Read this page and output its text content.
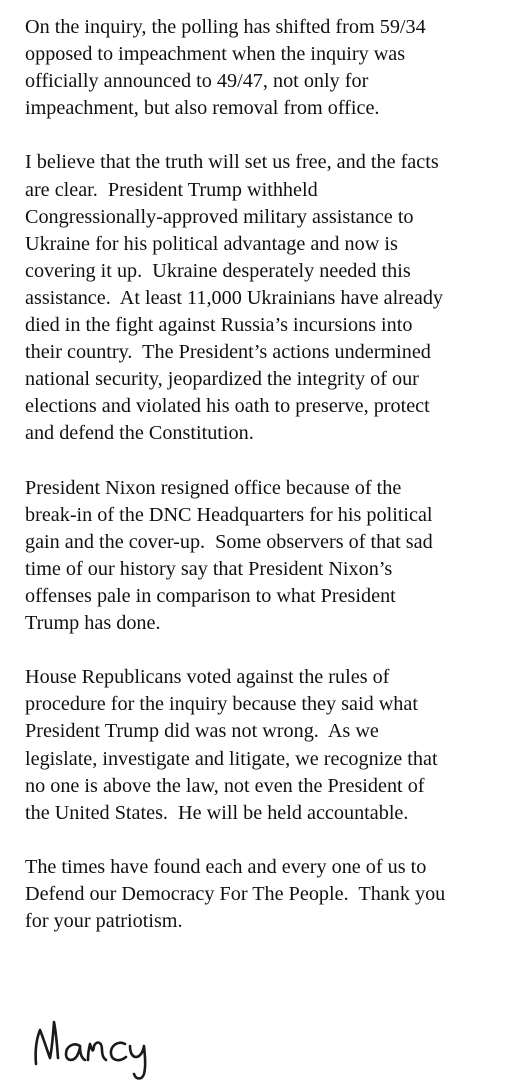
On the inquiry, the polling has shifted from 59/34
opposed to impeachment when the inquiry was
officially announced to 49/47, not only for
impeachment, but also removal from office.

I believe that the truth will set us free, and the facts
are clear.  President Trump withheld
Congressionally-approved military assistance to
Ukraine for his political advantage and now is
covering it up.  Ukraine desperately needed this
assistance.  At least 11,000 Ukrainians have already
died in the fight against Russia’s incursions into
their country.  The President’s actions undermined
national security, jeopardized the integrity of our
elections and violated his oath to preserve, protect
and defend the Constitution.

President Nixon resigned office because of the
break-in of the DNC Headquarters for his political
gain and the cover-up.  Some observers of that sad
time of our history say that President Nixon’s
offenses pale in comparison to what President
Trump has done.

House Republicans voted against the rules of
procedure for the inquiry because they said what
President Trump did was not wrong.  As we
legislate, investigate and litigate, we recognize that
no one is above the law, not even the President of
the United States.  He will be held accountable.

The times have found each and every one of us to
Defend our Democracy For The People.  Thank you
for your patriotism.
